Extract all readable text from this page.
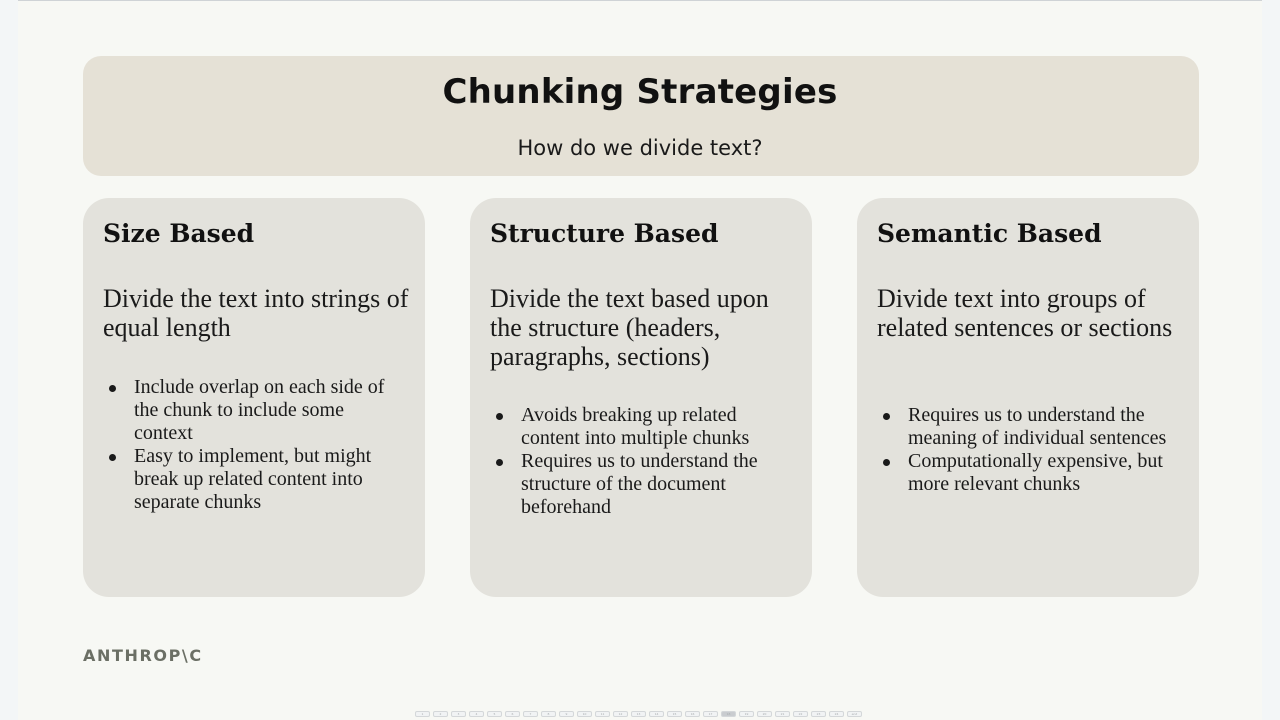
Chunking Strategies
How do we divide text?
Size Based
Divide the text into strings of equal length
Include overlap on each side of the chunk to include some context
Easy to implement, but might break up related content into separate chunks
Structure Based
Divide the text based upon the structure (headers, paragraphs, sections)
Avoids breaking up related content into multiple chunks
Requires us to understand the structure of the document beforehand
Semantic Based
Divide text into groups of related sentences or sections
Requires us to understand the meaning of individual sentences
Computationally expensive, but more relevant chunks
ANTHROP\C
1	2	3	4	5	6	7	8	9	10	11	12	13	14	15	16	17	18	19	20	21	22	23	24	end
